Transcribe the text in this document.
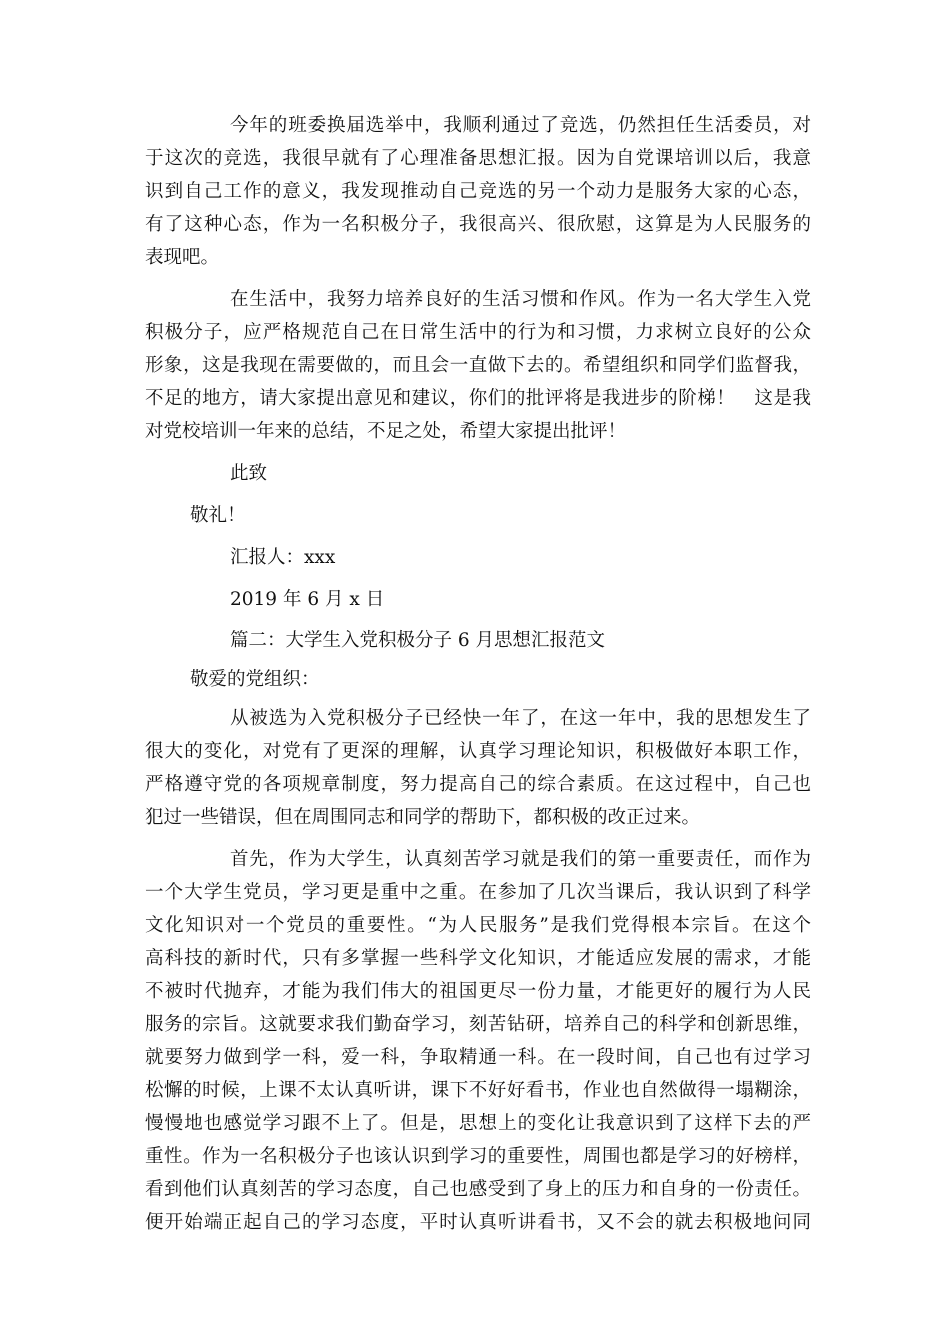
今年的班委换届选举中，我顺利通过了竞选，仍然担任生活委员，对
于这次的竞选，我很早就有了心理准备思想汇报。因为自党课培训以后，我意
识到自己工作的意义，我发现推动自己竞选的另一个动力是服务大家的心态，
有了这种心态，作为一名积极分子，我很高兴、很欣慰，这算是为人民服务的
表现吧。
在生活中，我努力培养良好的生活习惯和作风。作为一名大学生入党
积极分子，应严格规范自己在日常生活中的行为和习惯，力求树立良好的公众
形象，这是我现在需要做的，而且会一直做下去的。希望组织和同学们监督我，
不足的地方，请大家提出意见和建议，你们的批评将是我进步的阶梯！　这是我
对党校培训一年来的总结，不足之处，希望大家提出批评！
此致
敬礼！
汇报人：xxx
2019 年 6 月 x 日
篇二：大学生入党积极分子 6 月思想汇报范文
敬爱的党组织：
从被选为入党积极分子已经快一年了，在这一年中，我的思想发生了
很大的变化，对党有了更深的理解，认真学习理论知识，积极做好本职工作，
严格遵守党的各项规章制度，努力提高自己的综合素质。在这过程中，自己也
犯过一些错误，但在周围同志和同学的帮助下，都积极的改正过来。
首先，作为大学生，认真刻苦学习就是我们的第一重要责任，而作为
一个大学生党员，学习更是重中之重。在参加了几次当课后，我认识到了科学
文化知识对一个党员的重要性。“为人民服务”是我们党得根本宗旨。在这个
高科技的新时代，只有多掌握一些科学文化知识，才能适应发展的需求，才能
不被时代抛弃，才能为我们伟大的祖国更尽一份力量，才能更好的履行为人民
服务的宗旨。这就要求我们勤奋学习，刻苦钻研，培养自己的科学和创新思维，
就要努力做到学一科，爱一科，争取精通一科。在一段时间，自己也有过学习
松懈的时候，上课不太认真听讲，课下不好好看书，作业也自然做得一塌糊涂，
慢慢地也感觉学习跟不上了。但是，思想上的变化让我意识到了这样下去的严
重性。作为一名积极分子也该认识到学习的重要性，周围也都是学习的好榜样，
看到他们认真刻苦的学习态度，自己也感受到了身上的压力和自身的一份责任。
便开始端正起自己的学习态度，平时认真听讲看书，又不会的就去积极地问同
